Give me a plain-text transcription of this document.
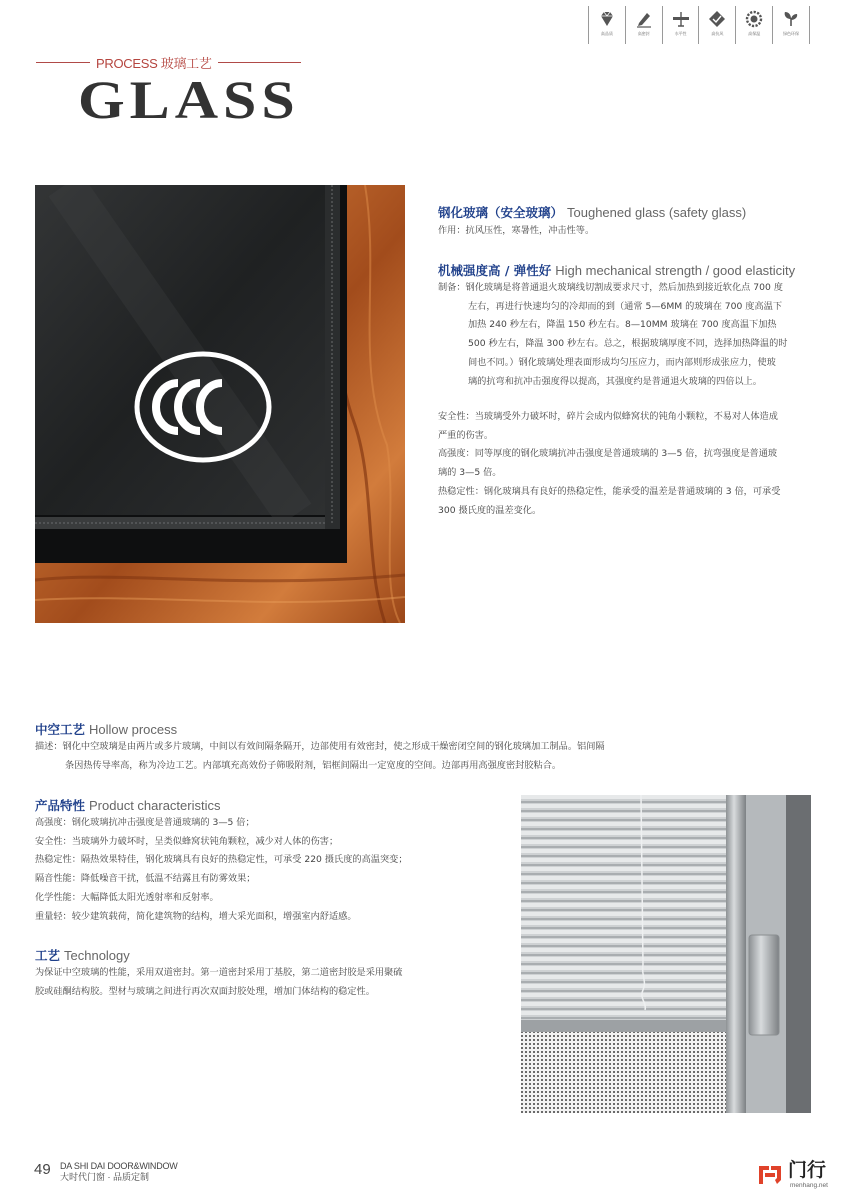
高品质	高密封	水平性	高抗风	高保温	绿色环保
PROCESS 玻璃工艺
GLASS
钢化玻璃（安全玻璃） Toughened glass (safety glass)
作用：抗风压性，寒暑性，冲击性等。
机械强度高 / 弹性好 High mechanical strength / good elasticity
制备：钢化玻璃是将普通退火玻璃线切割成要求尺寸，然后加热到接近软化点 700 度
左右，再进行快速均匀的冷却而的到（通常 5—6MM 的玻璃在 700 度高温下
加热 240 秒左右，降温 150 秒左右。8—10MM 玻璃在 700 度高温下加热
500 秒左右，降温 300 秒左右。总之，根据玻璃厚度不同，选择加热降温的时
间也不同。）钢化玻璃处理表面形成均匀压应力，而内部则形成张应力，使玻
璃的抗弯和抗冲击强度得以提高，其强度约是普通退火玻璃的四倍以上。
安全性：当玻璃受外力破坏时，碎片会成内似蜂窝状的钝角小颗粒，不易对人体造成
严重的伤害。
高强度：同等厚度的钢化玻璃抗冲击强度是普通玻璃的 3—5 倍，抗弯强度是普通玻
璃的 3—5 倍。
热稳定性：钢化玻璃具有良好的热稳定性，能承受的温差是普通玻璃的 3 倍，可承受
300 摄氏度的温差变化。
中空工艺 Hollow process
描述：钢化中空玻璃是由两片或多片玻璃，中间以有效间隔条隔开，边部使用有效密封，使之形成干燥密闭空间的钢化玻璃加工制品。铝间隔
条因热传导率高，称为冷边工艺。内部填充高效份子筛吸附剂，铝框间隔出一定宽度的空间。边部再用高强度密封胶粘合。
产品特性 Product characteristics
高强度：钢化玻璃抗冲击强度是普通玻璃的 3—5 倍；
安全性：当玻璃外力破坏时，呈类似蜂窝状钝角颗粒，减少对人体的伤害；
热稳定性：隔热效果特佳，钢化玻璃具有良好的热稳定性，可承受 220 摄氏度的高温突变；
隔音性能：降低噪音干扰，低温不结露且有防雾效果；
化学性能：大幅降低太阳光透射率和反射率。
重量轻：较少建筑载荷，简化建筑物的结构，增大采光面积，增强室内舒适感。
工艺 Technology
为保证中空玻璃的性能，采用双道密封。第一道密封采用丁基胶，第二道密封胶是采用聚硫
胶或硅酮结构胶。型材与玻璃之间进行再次双面封胶处理，增加门体结构的稳定性。
49 DA SHI DAI DOOR&WINDOW
大时代门窗 · 品质定制	门行
menhang.net
